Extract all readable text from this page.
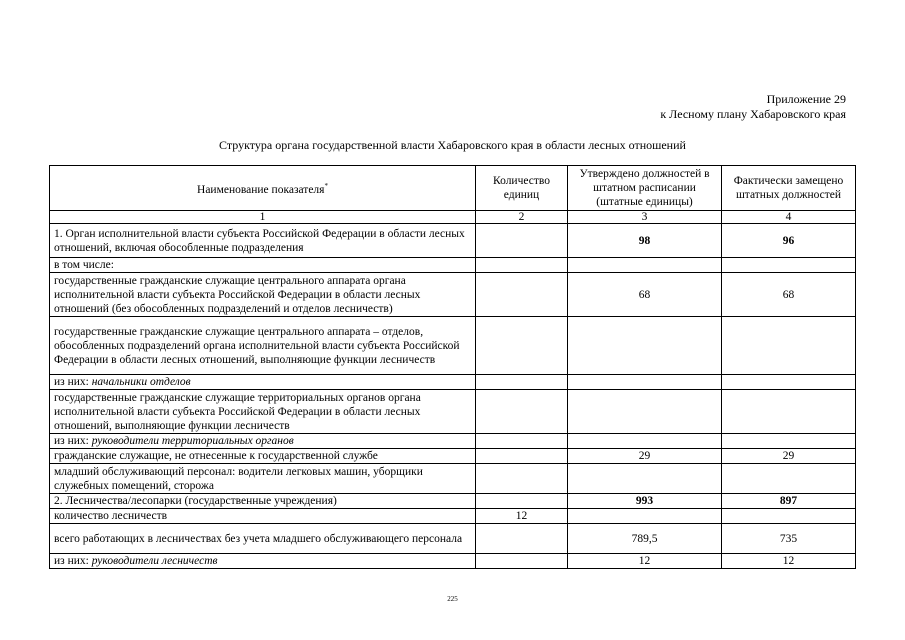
Приложение 29
к Лесному плану Хабаровского края
Структура органа государственной власти Хабаровского края в области лесных отношений
Наименование показателя*	Количество единиц	Утверждено должностей в штатном расписании (штатные единицы)	Фактически замещено штатных должностей
1	2	3	4
1. Орган исполнительной власти субъекта Российской Федерации в области лесных отношений, включая обособленные подразделения		98	96
в том числе:			
государственные гражданские служащие центрального аппарата органа исполнительной власти субъекта Российской Федерации в области лесных отношений (без обособленных подразделений и отделов лесничеств)		68	68
государственные гражданские служащие центрального аппарата – отделов, обособленных подразделений органа исполнительной власти субъекта Российской Федерации в области лесных отношений, выполняющие функции лесничеств			
из них: начальники отделов			
государственные гражданские служащие территориальных органов органа исполнительной власти субъекта Российской Федерации в области лесных отношений, выполняющие функции лесничеств			
из них: руководители территориальных органов			
гражданские служащие, не отнесенные к государственной службе		29	29
младший обслуживающий персонал: водители легковых машин, уборщики служебных помещений, сторожа			
2. Лесничества/лесопарки (государственные учреждения)		993	897
количество лесничеств	12		
всего работающих в лесничествах без учета младшего обслуживающего персонала		789,5	735
из них: руководители лесничеств		12	12
225
